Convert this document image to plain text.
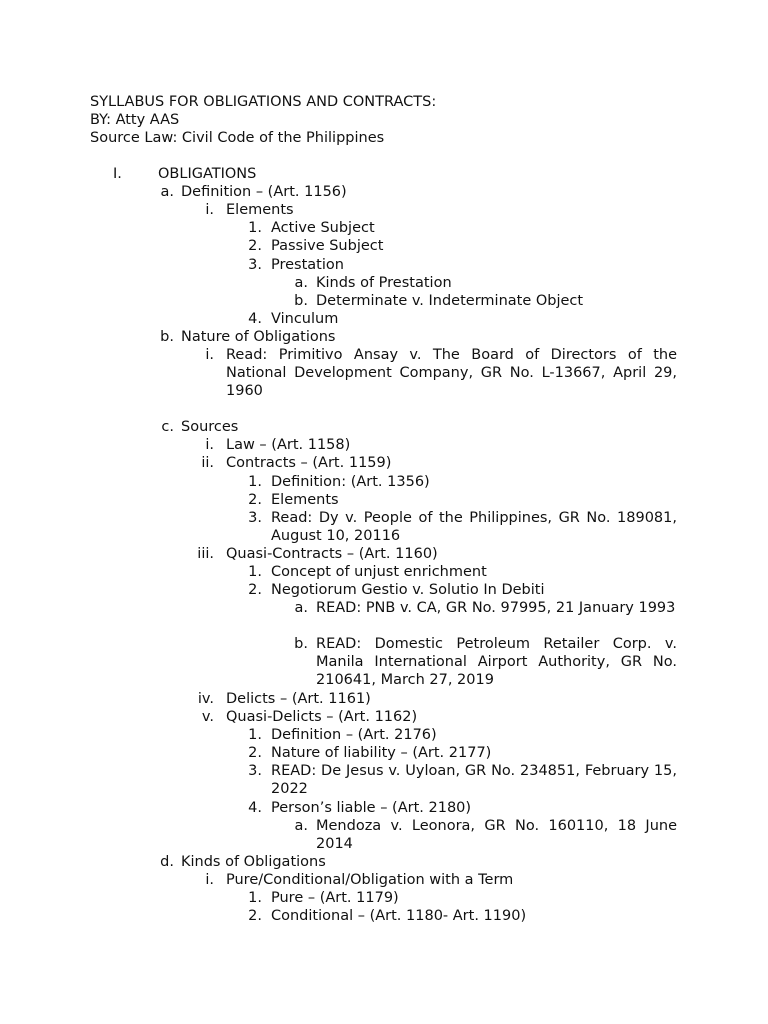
SYLLABUS FOR OBLIGATIONS AND CONTRACTS:
BY: Atty AAS
Source Law: Civil Code of the Philippines
I.	OBLIGATIONS
a. Definition – (Art. 1156)
i. Elements
1. Active Subject
2. Passive Subject
3. Prestation
a. Kinds of Prestation
b. Determinate v. Indeterminate Object
4. Vinculum
b. Nature of Obligations
i. Read: Primitivo Ansay v. The Board of Directors of the National Development Company, GR No. L-13667, April 29, 1960
c. Sources
i. Law – (Art. 1158)
ii. Contracts – (Art. 1159)
1. Definition: (Art. 1356)
2. Elements
3. Read: Dy v. People of the Philippines, GR No. 189081, August 10, 20116
iii. Quasi-Contracts – (Art. 1160)
1. Concept of unjust enrichment
2. Negotiorum Gestio v. Solutio In Debiti
a. READ: PNB v. CA, GR No. 97995, 21 January 1993
b. READ: Domestic Petroleum Retailer Corp. v. Manila International Airport Authority, GR No. 210641, March 27, 2019
iv. Delicts – (Art. 1161)
v. Quasi-Delicts – (Art. 1162)
1. Definition – (Art. 2176)
2. Nature of liability – (Art. 2177)
3. READ: De Jesus v. Uyloan, GR No. 234851, February 15, 2022
4. Person’s liable – (Art. 2180)
a. Mendoza v. Leonora, GR No. 160110, 18 June 2014
d. Kinds of Obligations
i. Pure/Conditional/Obligation with a Term
1. Pure – (Art. 1179)
2. Conditional – (Art. 1180- Art. 1190)
